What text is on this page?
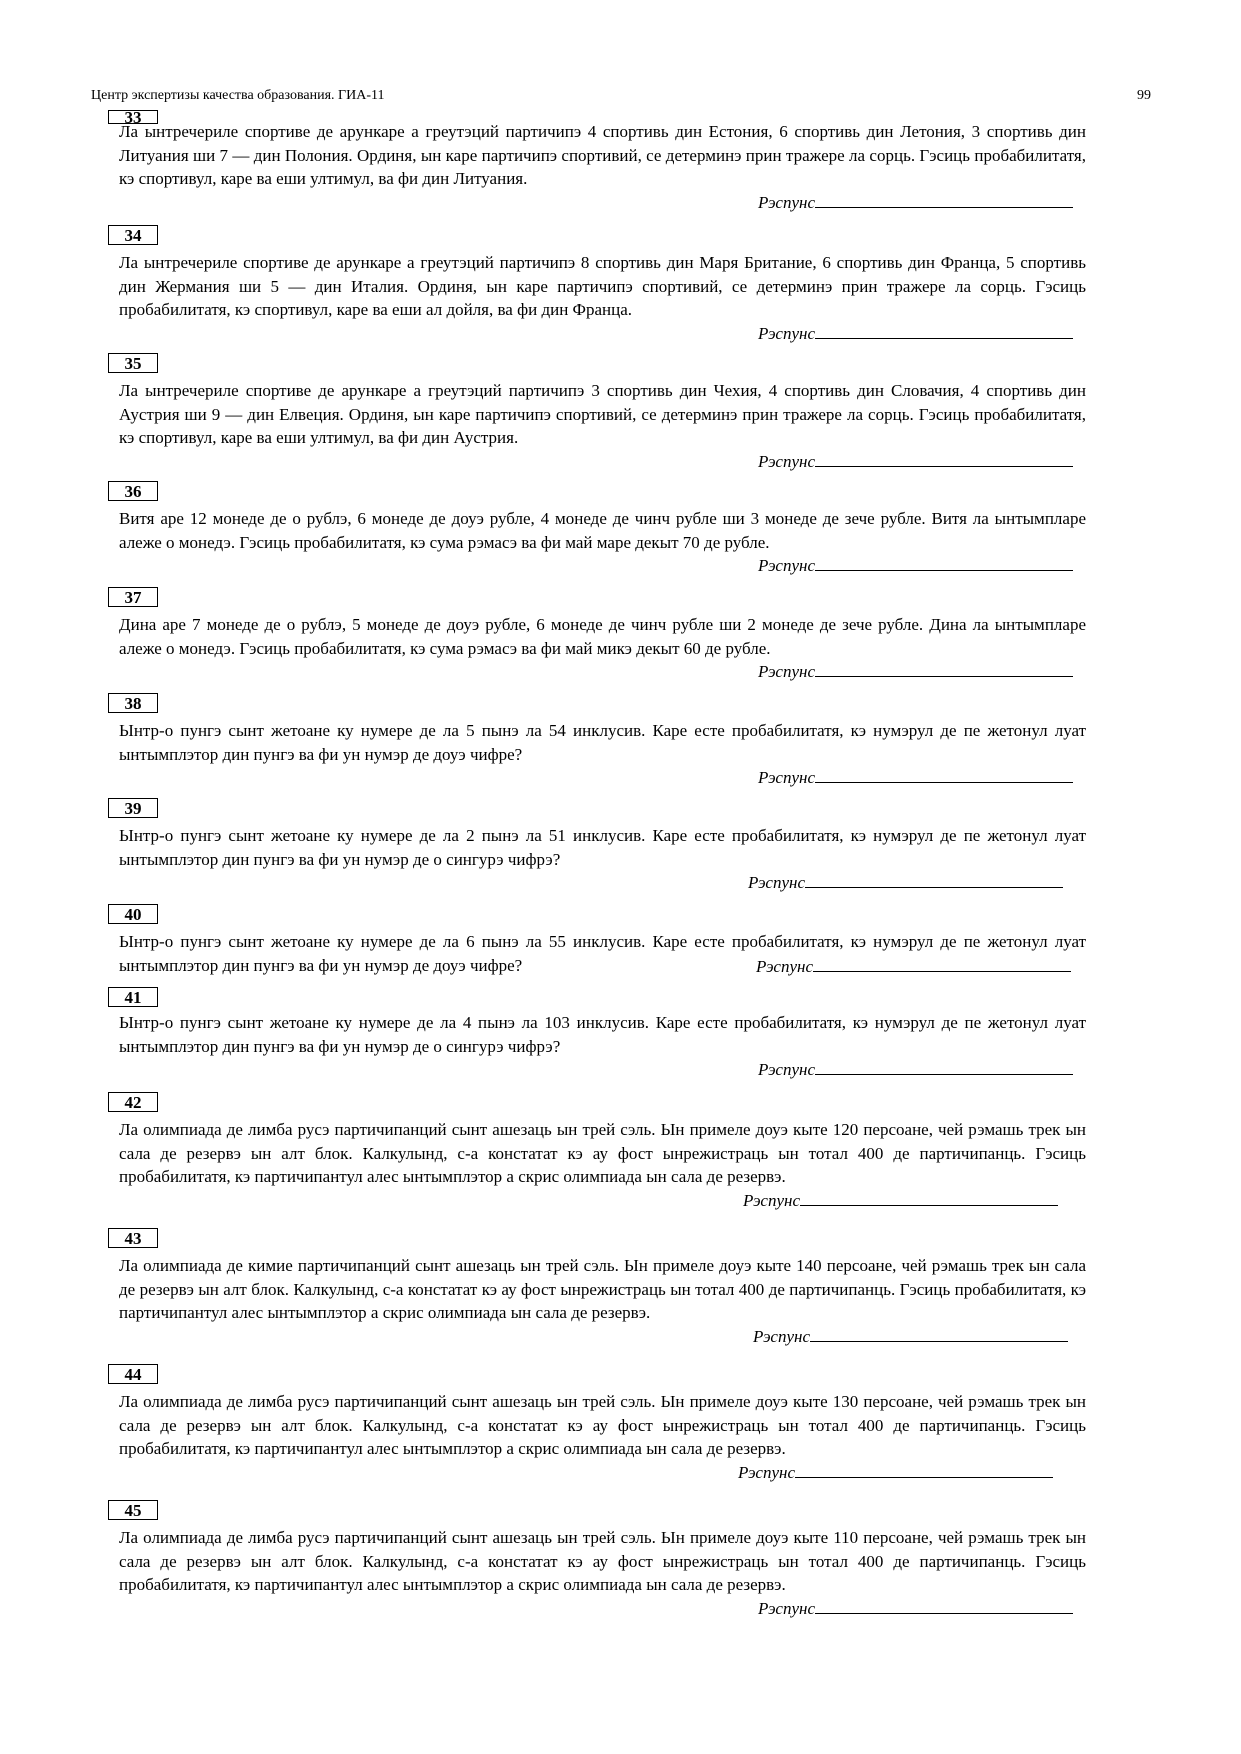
Центр экспертизы качества образования. ГИА-11	99
33
Ла ынтречериле спортиве де арункаре а греутэций партичипэ 4 спортивь дин Естония, 6 спортивь дин Летония, 3 спортивь дин Литуания ши 7 — дин Полония. Ординя, ын каре партичипэ спортивий, се детерминэ прин тражере ла сорць. Гэсиць пробабилитатя, кэ спортивул, каре ва еши ултимул, ва фи дин Литуания.
Рэспунс
34
Ла ынтречериле спортиве де арункаре а греутэций партичипэ 8 спортивь дин Маря Британие, 6 спортивь дин Франца, 5 спортивь дин Жермания ши 5 — дин Италия. Ординя, ын каре партичипэ спортивий, се детерминэ прин тражере ла сорць. Гэсиць пробабилитатя, кэ спортивул, каре ва еши ал дойля, ва фи дин Франца.
Рэспунс
35
Ла ынтречериле спортиве де арункаре а греутэций партичипэ 3 спортивь дин Чехия, 4 спортивь дин Словачия, 4 спортивь дин Аустрия ши 9 — дин Елвеция. Ординя, ын каре партичипэ спортивий, се детерминэ прин тражере ла сорць. Гэсиць пробабилитатя, кэ спортивул, каре ва еши ултимул, ва фи дин Аустрия.
Рэспунс
36
Витя аре 12 монеде де о рублэ, 6 монеде де доуэ рубле, 4 монеде де чинч рубле ши 3 монеде де зече рубле. Витя ла ынтымпларе алеже о монедэ. Гэсиць пробабилитатя, кэ сума рэмасэ ва фи май маре декыт 70 де рубле.
Рэспунс
37
Дина аре 7 монеде де о рублэ, 5 монеде де доуэ рубле, 6 монеде де чинч рубле ши 2 монеде де зече рубле. Дина ла ынтымпларе алеже о монедэ. Гэсиць пробабилитатя, кэ сума рэмасэ ва фи май микэ декыт 60 де рубле.
Рэспунс
38
Ынтр-о пунгэ сынт жетоане ку нумере де ла 5 пынэ ла 54 инклусив. Каре есте пробабилитатя, кэ нумэрул де пе жетонул луат ынтымплэтор дин пунгэ ва фи ун нумэр де доуэ чифре?
Рэспунс
39
Ынтр-о пунгэ сынт жетоане ку нумере де ла 2 пынэ ла 51 инклусив. Каре есте пробабилитатя, кэ нумэрул де пе жетонул луат ынтымплэтор дин пунгэ ва фи ун нумэр де о сингурэ чифрэ?
Рэспунс
40
Ынтр-о пунгэ сынт жетоане ку нумере де ла 6 пынэ ла 55 инклусив. Каре есте пробабилитатя, кэ нумэрул де пе жетонул луат ынтымплэтор дин пунгэ ва фи ун нумэр де доуэ чифре?	Рэспунс
41
Ынтр-о пунгэ сынт жетоане ку нумере де ла 4 пынэ ла 103 инклусив. Каре есте пробабилитатя, кэ нумэрул де пе жетонул луат ынтымплэтор дин пунгэ ва фи ун нумэр де о сингурэ чифрэ?
Рэспунс
42
Ла олимпиада де лимба русэ партичипанций сынт ашезаць ын трей сэль. Ын примеле доуэ кыте 120 персоане, чей рэмашь трек ын сала де резервэ ын алт блок. Калкулынд, с-а констатат кэ ау фост ынрежистраць ын тотал 400 де партичипанць. Гэсиць пробабилитатя, кэ партичипантул алес ынтымплэтор а скрис олимпиада ын сала де резервэ.
Рэспунс
43
Ла олимпиада де кимие партичипанций сынт ашезаць ын трей сэль. Ын примеле доуэ кыте 140 персоане, чей рэмашь трек ын сала де резервэ ын алт блок. Калкулынд, с-а констатат кэ ау фост ынрежистраць ын тотал 400 де партичипанць. Гэсиць пробабилитатя, кэ партичипантул алес ынтымплэтор а скрис олимпиада ын сала де резервэ.
Рэспунс
44
Ла олимпиада де лимба русэ партичипанций сынт ашезаць ын трей сэль. Ын примеле доуэ кыте 130 персоане, чей рэмашь трек ын сала де резервэ ын алт блок. Калкулынд, с-а констатат кэ ау фост ынрежистраць ын тотал 400 де партичипанць. Гэсиць пробабилитатя, кэ партичипантул алес ынтымплэтор а скрис олимпиада ын сала де резервэ.
Рэспунс
45
Ла олимпиада де лимба русэ партичипанций сынт ашезаць ын трей сэль. Ын примеле доуэ кыте 110 персоане, чей рэмашь трек ын сала де резервэ ын алт блок. Калкулынд, с-а констатат кэ ау фост ынрежистраць ын тотал 400 де партичипанць. Гэсиць пробабилитатя, кэ партичипантул алес ынтымплэтор а скрис олимпиада ын сала де резервэ.
Рэспунс
